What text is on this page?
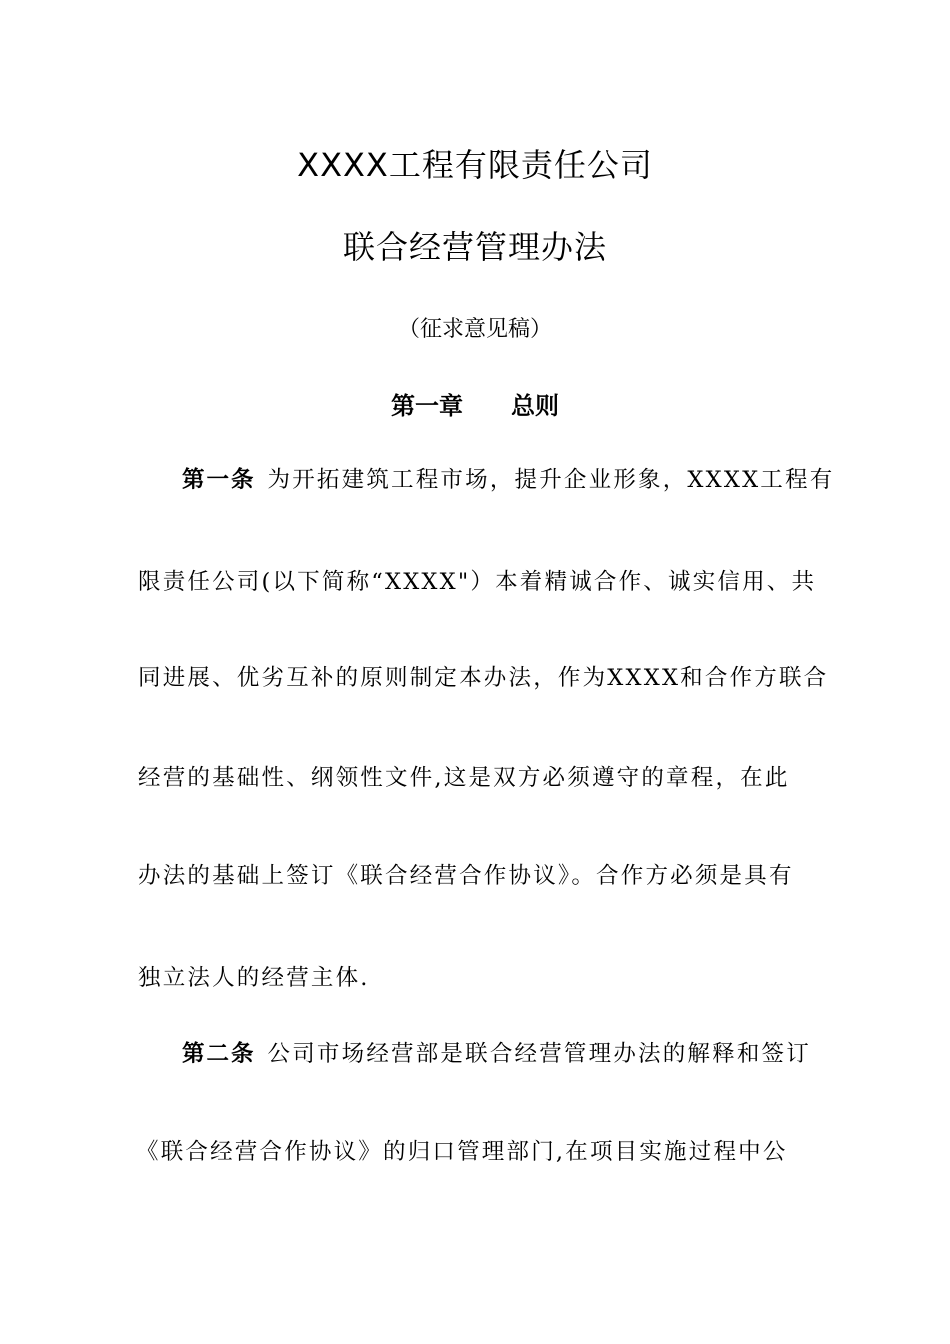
XXXX工程有限责任公司
联合经营管理办法
（征求意见稿）
第一章 总则
第一条 为开拓建筑工程市场，提升企业形象，XXXX工程有
限责任公司(以下简称“XXXX"）本着精诚合作、诚实信用、共
同进展、优劣互补的原则制定本办法，作为XXXX和合作方联合
经营的基础性、纲领性文件,这是双方必须遵守的章程，在此
办法的基础上签订《联合经营合作协议》。合作方必须是具有
独立法人的经营主体.
第二条 公司市场经营部是联合经营管理办法的解释和签订
《联合经营合作协议》的归口管理部门,在项目实施过程中公
